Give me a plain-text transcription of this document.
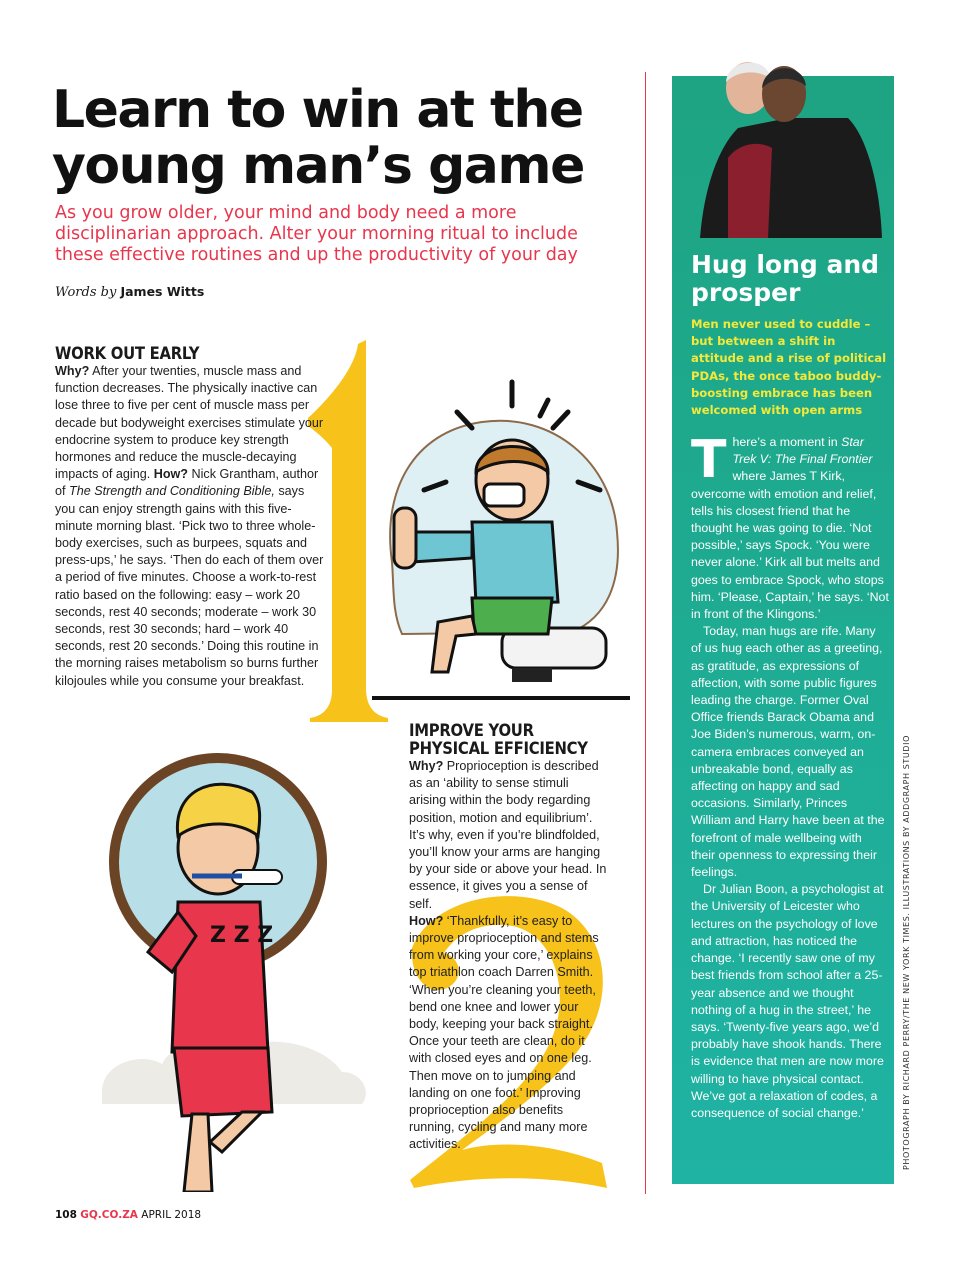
Learn to win at the young man’s game

As you grow older, your mind and body need a more disciplinarian approach. Alter your morning ritual to include these effective routines and up the productivity of your day

Words by James Witts
WORK OUT EARLY

Why? After your twenties, muscle mass and function decreases. The physically inactive can lose three to five per cent of muscle mass per decade but bodyweight exercises stimulate your endocrine system to produce key strength hormones and reduce the muscle-decaying impacts of aging. How? Nick Grantham, author of The Strength and Conditioning Bible, says you can enjoy strength gains with this five-minute morning blast. ‘Pick two to three whole-body exercises, such as burpees, squats and press-ups,’ he says. ‘Then do each of them over a period of five minutes. Choose a work-to-rest ratio based on the following: easy – work 20 seconds, rest 40 seconds; moderate – work 30 seconds, rest 30 seconds; hard – work 40 seconds, rest 20 seconds.’ Doing this routine in the morning raises metabolism so burns further kilojoules while you consume your breakfast.

IMPROVE YOUR
PHYSICAL EFFICIENCY

Why? Proprioception is described as an ‘ability to sense stimuli arising within the body regarding position, motion and equilibrium’. It’s why, even if you’re blindfolded, you’ll know your arms are hanging by your side or above your head. In essence, it gives you a sense of self.

How? ‘Thankfully, it’s easy to improve proprioception and stems from working your core,’ explains top triathlon coach Darren Smith. ‘When you’re cleaning your teeth, bend one knee and lower your body, keeping your back straight. Once your teeth are clean, do it with closed eyes and on one leg. Then move on to jumping and landing on one foot.’ Improving proprioception also benefits running, cycling and many more activities.

Z Z Z
Hug long and prosper

Men never used to cuddle – but between a shift in attitude and a rise of political PDAs, the once taboo buddy-boosting embrace has been welcomed with open arms

T here’s a moment in Star Trek V: The Final Frontier where James T Kirk, overcome with emotion and relief, tells his closest friend that he thought he was going to die. ‘Not possible,’ says Spock. ‘You were never alone.’ Kirk all but melts and goes to embrace Spock, who stops him. ‘Please, Captain,’ he says. ‘Not in front of the Klingons.’

Today, man hugs are rife. Many of us hug each other as a greeting, as gratitude, as expressions of affection, with some public figures leading the charge. Former Oval Office friends Barack Obama and Joe Biden’s numerous, warm, on-camera embraces conveyed an unbreakable bond, equally as affecting on happy and sad occasions. Similarly, Princes William and Harry have been at the forefront of male wellbeing with their openness to expressing their feelings.

Dr Julian Boon, a psychologist at the University of Leicester who lectures on the psychology of love and attraction, has noticed the change. ‘I recently saw one of my best friends from school after a 25-year absence and we thought nothing of a hug in the street,’ he says. ‘Twenty-five years ago, we’d probably have shook hands. There is evidence that men are now more willing to have physical contact. We’ve got a relaxation of codes, a consequence of social change.’	PHOTOGRAPH BY RICHARD PERRY/THE NEW YORK TIMES. ILLUSTRATIONS BY ADDGRAPH STUDIO
108 GQ.CO.ZA APRIL 2018
